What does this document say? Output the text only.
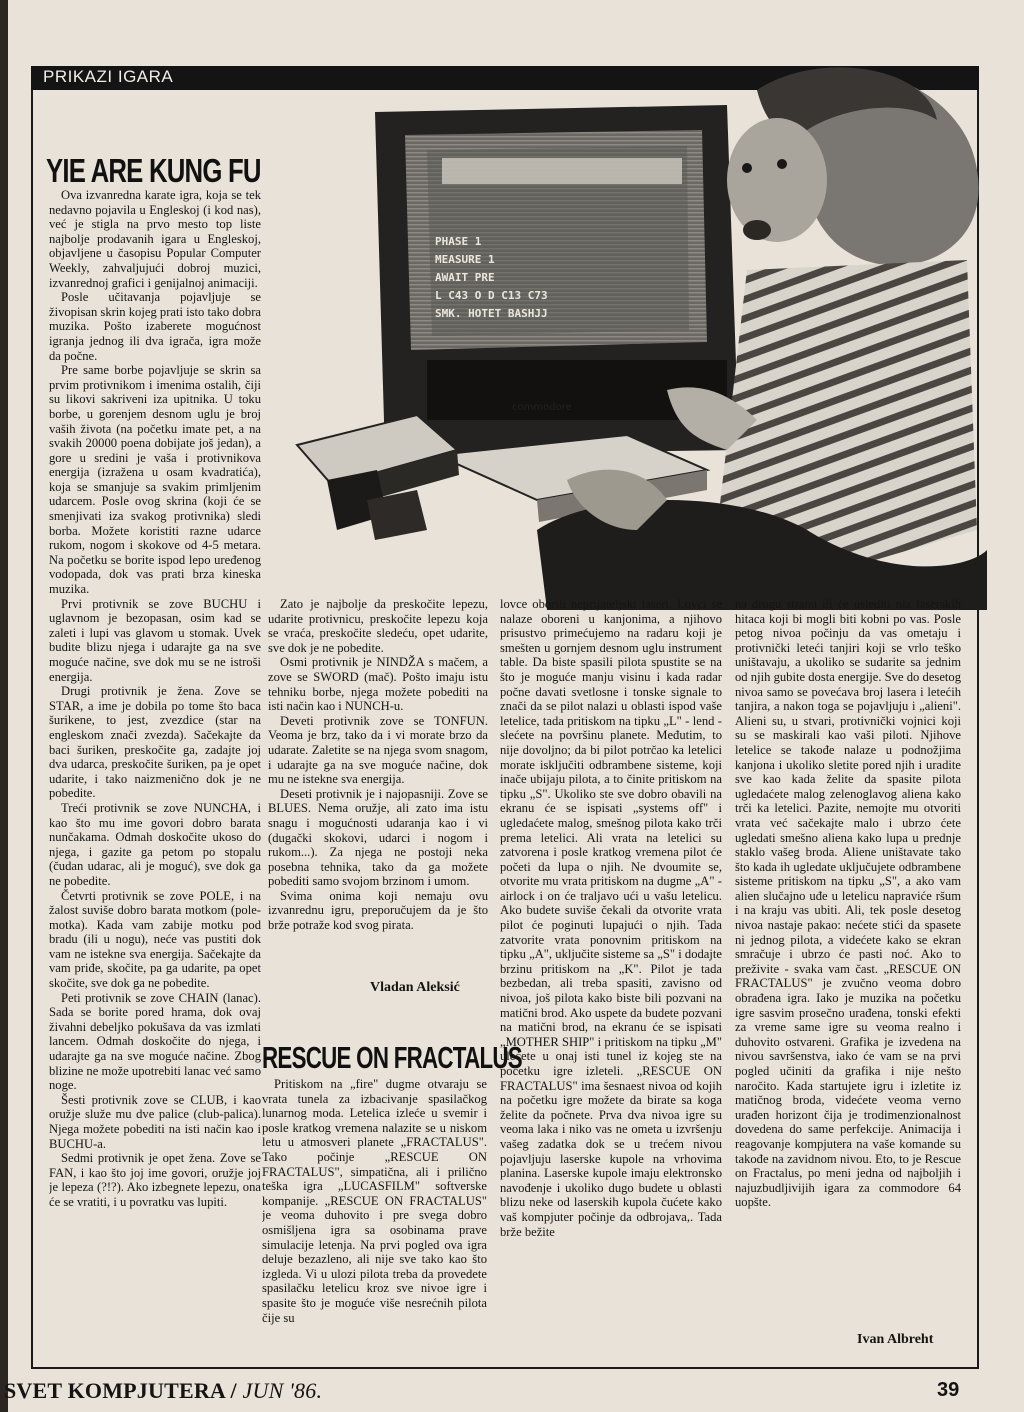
PRIKAZI IGARA
PHASE 1
MEASURE 1
AWAIT PRE
L C43 O D C13 C73
SMK. HOTET BASHJJ
commodore
YIE ARE KUNG FU

Ova izvanredna karate igra, koja se tek nedavno pojavila u Engleskoj (i kod nas), već je stigla na prvo mesto top liste najbolje prodavanih igara u Engleskoj, objavljene u časopisu Popular Computer Weekly, zahvaljujući dobroj muzici, izvanrednoj grafici i genijalnoj animaciji.

Posle učitavanja pojavljuje se živopisan skrin kojeg prati isto tako dobra muzika. Pošto izaberete mogućnost igranja jednog ili dva igrača, igra može da počne.

Pre same borbe pojavljuje se skrin sa prvim protivnikom i imenima ostalih, čiji su likovi sakriveni iza upitnika. U toku borbe, u gorenjem desnom uglu je broj vaših života (na početku imate pet, a na svakih 20000 poena dobijate još jedan), a gore u sredini je vaša i protivnikova energija (izražena u osam kvadratića), koja se smanjuje sa svakim primljenim udarcem. Posle ovog skrina (koji će se smenjivati iza svakog protivnika) sledi borba. Možete koristiti razne udarce rukom, nogom i skokove od 4-5 metara. Na početku se borite ispod lepo uređenog vodopada, dok vas prati brza kineska muzika.

Prvi protivnik se zove BUCHU i uglavnom je bezopasan, osim kad se zaleti i lupi vas glavom u stomak. Uvek budite blizu njega i udarajte ga na sve moguće načine, sve dok mu se ne istroši energija.

Drugi protivnik je žena. Zove se STAR, a ime je dobila po tome što baca šurikene, to jest, zvezdice (star na engleskom znači zvezda). Sačekajte da baci šuriken, preskočite ga, zadajte joj dva udarca, preskočite šuriken, pa je opet udarite, i tako naizmenično dok je ne pobedite.

Treći protivnik se zove NUNCHA, i kao što mu ime govori dobro barata nunčakama. Odmah doskočite ukoso do njega, i gazite ga petom po stopalu (čudan udarac, ali je moguć), sve dok ga ne pobedite.

Četvrti protivnik se zove POLE, i na žalost suviše dobro barata motkom (pole-motka). Kada vam zabije motku pod bradu (ili u nogu), neće vas pustiti dok vam ne istekne sva energija. Sačekajte da vam priđe, skočite, pa ga udarite, pa opet skočite, sve dok ga ne pobedite.

Peti protivnik se zove CHAIN (lanac). Sada se borite pored hrama, dok ovaj živahni debeljko pokušava da vas izmlati lancem. Odmah doskočite do njega, i udarajte ga na sve moguće načine. Zbog blizine ne može upotrebiti lanac već samo noge.

Šesti protivnik zove se CLUB, i kao oružje služe mu dve palice (club-palica). Njega možete pobediti na isti način kao i BUCHU-a.

Sedmi protivnik je opet žena. Zove se FAN, i kao što joj ime govori, oružje joj je lepeza (?!?). Ako izbegnete lepezu, ona će se vratiti, i u povratku vas lupiti.

Zato je najbolje da preskočite lepezu, udarite protivnicu, preskočite lepezu koja se vraća, preskočite sledeću, opet udarite, sve dok je ne pobedite.

Osmi protivnik je NINDŽA s mačem, a zove se SWORD (mač). Pošto imaju istu tehniku borbe, njega možete pobediti na isti način kao i NUNCH-u.

Deveti protivnik zove se TONFUN. Veoma je brz, tako da i vi morate brzo da udarate. Zaletite se na njega svom snagom, i udarajte ga na sve moguće načine, dok mu ne istekne sva energija.

Deseti protivnik je i najopasniji. Zove se BLUES. Nema oružje, ali zato ima istu snagu i mogućnosti udaranja kao i vi (dugački skokovi, udarci i nogom i rukom...). Za njega ne postoji neka posebna tehnika, tako da ga možete pobediti samo svojom brzinom i umom.

Svima onima koji nemaju ovu izvanrednu igru, preporučujem da je što brže potraže kod svog pirata.

Vladan Aleksić
RESCUE ON FRACTALUS

Pritiskom na „fire" dugme otvaraju se vrata tunela za izbacivanje spasilačkog lunarnog moda. Letelica izleće u svemir i posle kratkog vremena nalazite se u niskom letu u atmosveri planete „FRACTALUS". Tako počinje „RESCUE ON FRACTALUS", simpatična, ali i prilično teška igra „LUCASFILM" softverske kompanije. „RESCUE ON FRACTALUS" je veoma duhovito i pre svega dobro osmišljena igra sa osobinama prave simulacije letenja. Na prvi pogled ova igra deluje bezazleno, ali nije sve tako kao što izgleda. Vi u ulozi pilota treba da provedete spasilačku letelicu kroz sve nivoe igre i spasite što je moguće više nesrećnih pilota čije su

lovce oborili neprijateljski laseri. Lovci se nalaze oboreni u kanjonima, a njihovo prisustvo primećujemo na radaru koji je smešten u gornjem desnom uglu instrument table. Da biste spasili pilota spustite se na što je moguće manju visinu i kada radar počne davati svetlosne i tonske signale to znači da se pilot nalazi u oblasti ispod vaše letelice, tada pritiskom na tipku „L" - lend - slećete na površinu planete. Međutim, to nije dovoljno; da bi pilot potrčao ka letelici morate isključiti odbrambene sisteme, koji inače ubijaju pilota, a to činite pritiskom na tipku „S". Ukoliko ste sve dobro obavili na ekranu će se ispisati „systems off" i ugledaćete malog, smešnog pilota kako trči prema letelici. Ali vrata na letelici su zatvorena i posle kratkog vremena pilot će početi da lupa o njih. Ne dvoumite se, otvorite mu vrata pritiskom na dugme „A" - airlock i on će traljavo ući u vašu letelicu. Ako budete suviše čekali da otvorite vrata pilot će poginuti lupajući o njih. Tada zatvorite vrata ponovnim pritiskom na tipku „A", uključite sisteme sa „S" i dodajte brzinu pritiskom na „K". Pilot je tada bezbedan, ali treba spasiti, zavisno od nivoa, još pilota kako biste bili pozvani na matični brod. Ako uspete da budete pozvani na matični brod, na ekranu će se ispisati „MOTHER SHIP" i pritiskom na tipku „M" ulećete u onaj isti tunel iz kojeg ste na početku igre izleteli. „RESCUE ON FRACTALUS" ima šesnaest nivoa od kojih na početku igre možete da birate sa koga želite da počnete. Prva dva nivoa igre su veoma laka i niko vas ne ometa u izvršenju vašeg zadatka dok se u trećem nivou pojavljuju laserske kupole na vrhovima planina. Laserske kupole imaju elektronsko navođenje i ukoliko dugo budete u oblasti blizu neke od laserskih kupola čućete kako vaš kompjuter počinje da odbrojava,. Tada brže bežite

na drugu stranu ili će uslediti niz laserskih hitaca koji bi mogli biti kobni po vas. Posle petog nivoa počinju da vas ometaju i protivnički leteći tanjiri koji se vrlo teško uništavaju, a ukoliko se sudarite sa jednim od njih gubite dosta energije. Sve do desetog nivoa samo se povećava broj lasera i letećih tanjira, a nakon toga se pojavljuju i „alieni". Alieni su, u stvari, protivnički vojnici koji su se maskirali kao vaši piloti. Njihove letelice se takođe nalaze u podnožjima kanjona i ukoliko sletite pored njih i uradite sve kao kada želite da spasite pilota ugledaćete malog zelenoglavog aliena kako trči ka letelici. Pazite, nemojte mu otvoriti vrata već sačekajte malo i ubrzo ćete ugledati smešno aliena kako lupa u prednje staklo vašeg broda. Aliene uništavate tako što kada ih ugledate uključujete odbrambene sisteme pritiskom na tipku „S", a ako vam alien slučajno uđe u letelicu napraviće ršum i na kraju vas ubiti. Ali, tek posle desetog nivoa nastaje pakao: nećete stići da spasete ni jednog pilota, a videćete kako se ekran smračuje i ubrzo će pasti noć. Ako to preživite - svaka vam čast. „RESCUE ON FRACTALUS" je zvučno veoma dobro obrađena igra. Iako je muzika na početku igre sasvim prosečno urađena, tonski efekti za vreme same igre su veoma realno i duhovito ostvareni. Grafika je izvedena na nivou savršenstva, iako će vam se na prvi pogled učiniti da grafika i nije nešto naročito. Kada startujete igru i izletite iz matičnog broda, videćete veoma verno urađen horizont čija je trodimenzionalnost dovedena do same perfekcije. Animacija i reagovanje kompjutera na vaše komande su takođe na zavidnom nivou. Eto, to je Rescue on Fractalus, po meni jedna od najboljih i najuzbudljivijih igara za commodore 64 uopšte.

Ivan Albreht
SVET KOMPJUTERA / JUN '86.	39
